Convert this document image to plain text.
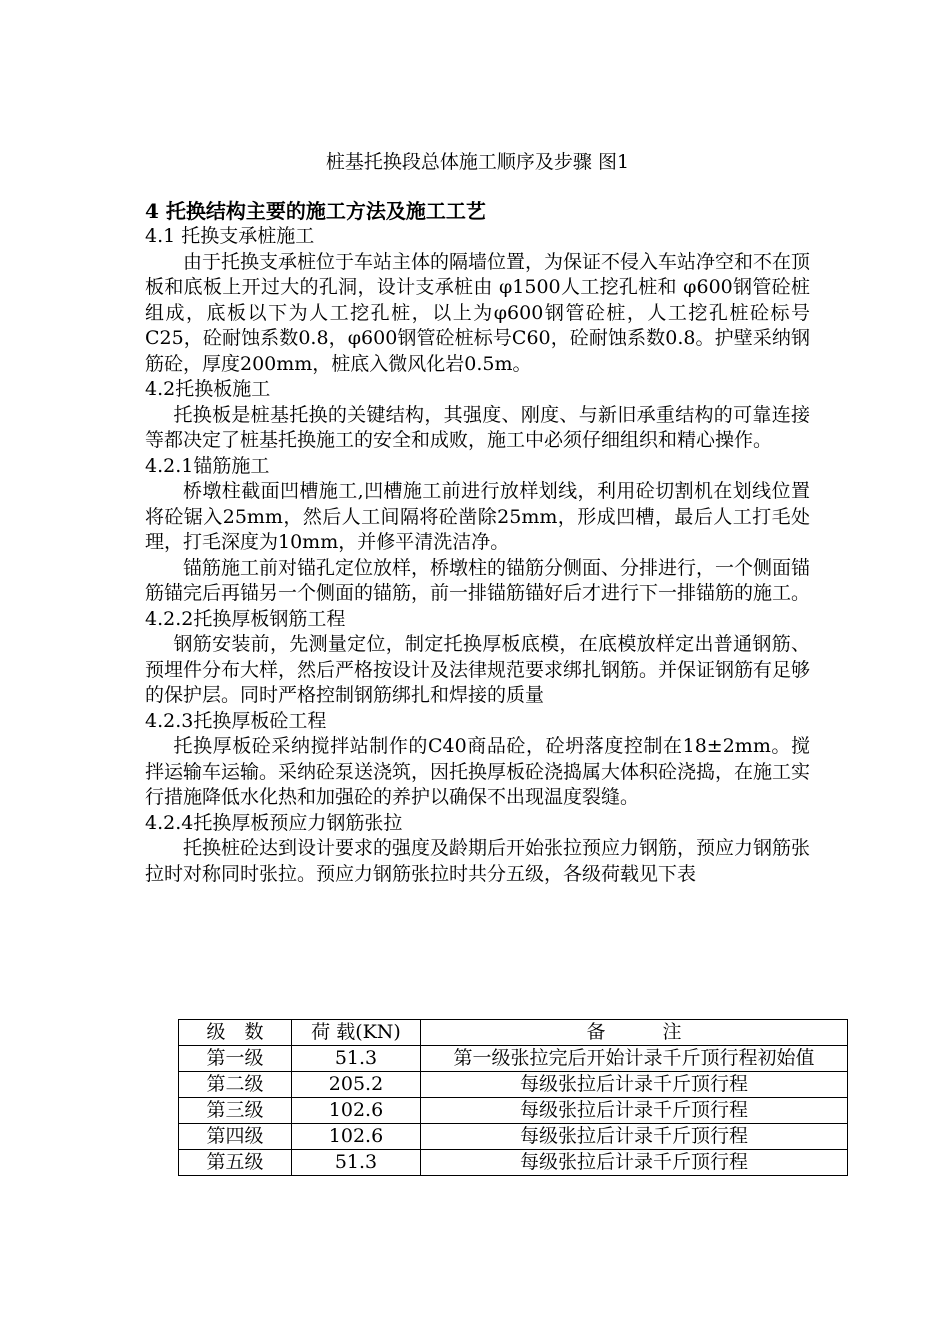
桩基托换段总体施工顺序及步骤 图1
4 托换结构主要的施工方法及施工工艺
4.1 托换支承桩施工

由于托换支承桩位于车站主体的隔墙位置，为保证不侵入车站净空和不在顶板和底板上开过大的孔洞，设计支承桩由 φ1500人工挖孔桩和 φ600钢管砼桩组成，底板以下为人工挖孔桩，以上为φ600钢管砼桩，人工挖孔桩砼标号C25，砼耐蚀系数0.8，φ600钢管砼桩标号C60，砼耐蚀系数0.8。护壁采纳钢筋砼，厚度200mm，桩底入微风化岩0.5m。

4.2托换板施工

托换板是桩基托换的关键结构，其强度、刚度、与新旧承重结构的可靠连接等都决定了桩基托换施工的安全和成败，施工中必须仔细组织和精心操作。

4.2.1锚筋施工

桥墩柱截面凹槽施工,凹槽施工前进行放样划线，利用砼切割机在划线位置将砼锯入25mm，然后人工间隔将砼凿除25mm，形成凹槽，最后人工打毛处理，打毛深度为10mm，并修平清洗洁净。

锚筋施工前对锚孔定位放样，桥墩柱的锚筋分侧面、分排进行，一个侧面锚筋锚完后再锚另一个侧面的锚筋，前一排锚筋锚好后才进行下一排锚筋的施工。

4.2.2托换厚板钢筋工程

钢筋安装前，先测量定位，制定托换厚板底模，在底模放样定出普通钢筋、预埋件分布大样，然后严格按设计及法律规范要求绑扎钢筋。并保证钢筋有足够的保护层。同时严格控制钢筋绑扎和焊接的质量

4.2.3托换厚板砼工程

托换厚板砼采纳搅拌站制作的C40商品砼，砼坍落度控制在18±2mm。搅拌运输车运输。采纳砼泵送浇筑，因托换厚板砼浇捣属大体积砼浇捣，在施工实行措施降低水化热和加强砼的养护以确保不出现温度裂缝。

4.2.4托换厚板预应力钢筋张拉

托换桩砼达到设计要求的强度及龄期后开始张拉预应力钢筋，预应力钢筋张拉时对称同时张拉。预应力钢筋张拉时共分五级，各级荷载见下表

级　数	荷 载(KN)	备　　　注
第一级	51.3	第一级张拉完后开始计录千斤顶行程初始值
第二级	205.2	每级张拉后计录千斤顶行程
第三级	102.6	每级张拉后计录千斤顶行程
第四级	102.6	每级张拉后计录千斤顶行程
第五级	51.3	每级张拉后计录千斤顶行程
